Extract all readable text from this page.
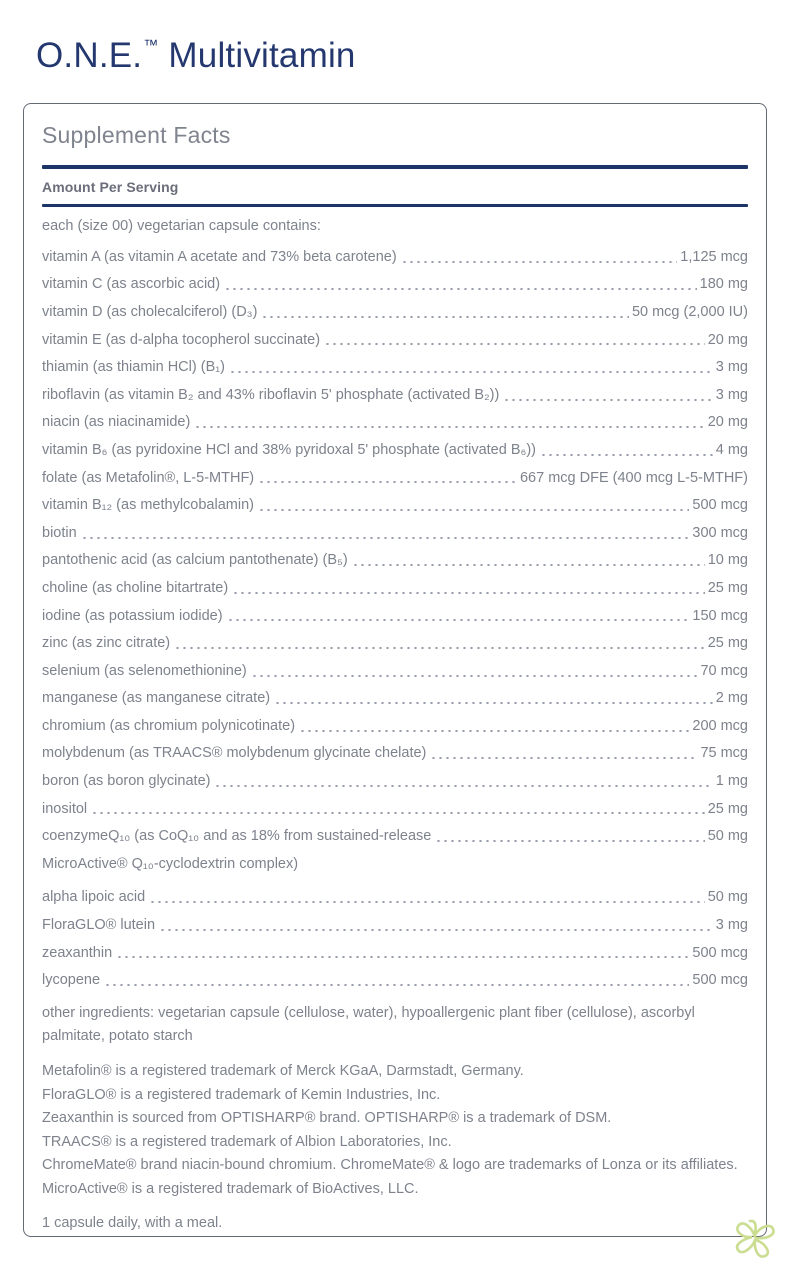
O.N.E.™ Multivitamin
Supplement Facts
Amount Per Serving

each (size 00) vegetarian capsule contains:

vitamin A (as vitamin A acetate and 73% beta carotene)	1,125 mcg
vitamin C (as ascorbic acid)	180 mg
vitamin D (as cholecalciferol) (D₃)	50 mcg (2,000 IU)
vitamin E (as d-alpha tocopherol succinate)	20 mg
thiamin (as thiamin HCl) (B₁)	3 mg
riboflavin (as vitamin B₂ and 43% riboflavin 5' phosphate (activated B₂))	3 mg
niacin (as niacinamide)	20 mg
vitamin B₆ (as pyridoxine HCl and 38% pyridoxal 5' phosphate (activated B₆))	4 mg
folate (as Metafolin®, L-5-MTHF)	667 mcg DFE (400 mcg L-5-MTHF)
vitamin B₁₂ (as methylcobalamin)	500 mcg
biotin	300 mcg
pantothenic acid (as calcium pantothenate) (B₅)	10 mg
choline (as choline bitartrate)	25 mg
iodine (as potassium iodide)	150 mcg
zinc (as zinc citrate)	25 mg
selenium (as selenomethionine)	70 mcg
manganese (as manganese citrate)	2 mg
chromium (as chromium polynicotinate)	200 mcg
molybdenum (as TRAACS® molybdenum glycinate chelate)	75 mcg
boron (as boron glycinate)	1 mg
inositol	25 mg
coenzymeQ₁₀ (as CoQ₁₀ and as 18% from sustained-release	50 mg
MicroActive® Q₁₀-cyclodextrin complex)
alpha lipoic acid	50 mg
FloraGLO® lutein	3 mg
zeaxanthin	500 mcg
lycopene	500 mcg

other ingredients: vegetarian capsule (cellulose, water), hypoallergenic plant fiber (cellulose), ascorbyl palmitate, potato starch

Metafolin® is a registered trademark of Merck KGaA, Darmstadt, Germany.

FloraGLO® is a registered trademark of Kemin Industries, Inc.

Zeaxanthin is sourced from OPTISHARP® brand. OPTISHARP® is a trademark of DSM.

TRAACS® is a registered trademark of Albion Laboratories, Inc.

ChromeMate® brand niacin-bound chromium. ChromeMate® & logo are trademarks of Lonza or its affiliates.

MicroActive® is a registered trademark of BioActives, LLC.

1 capsule daily, with a meal.
